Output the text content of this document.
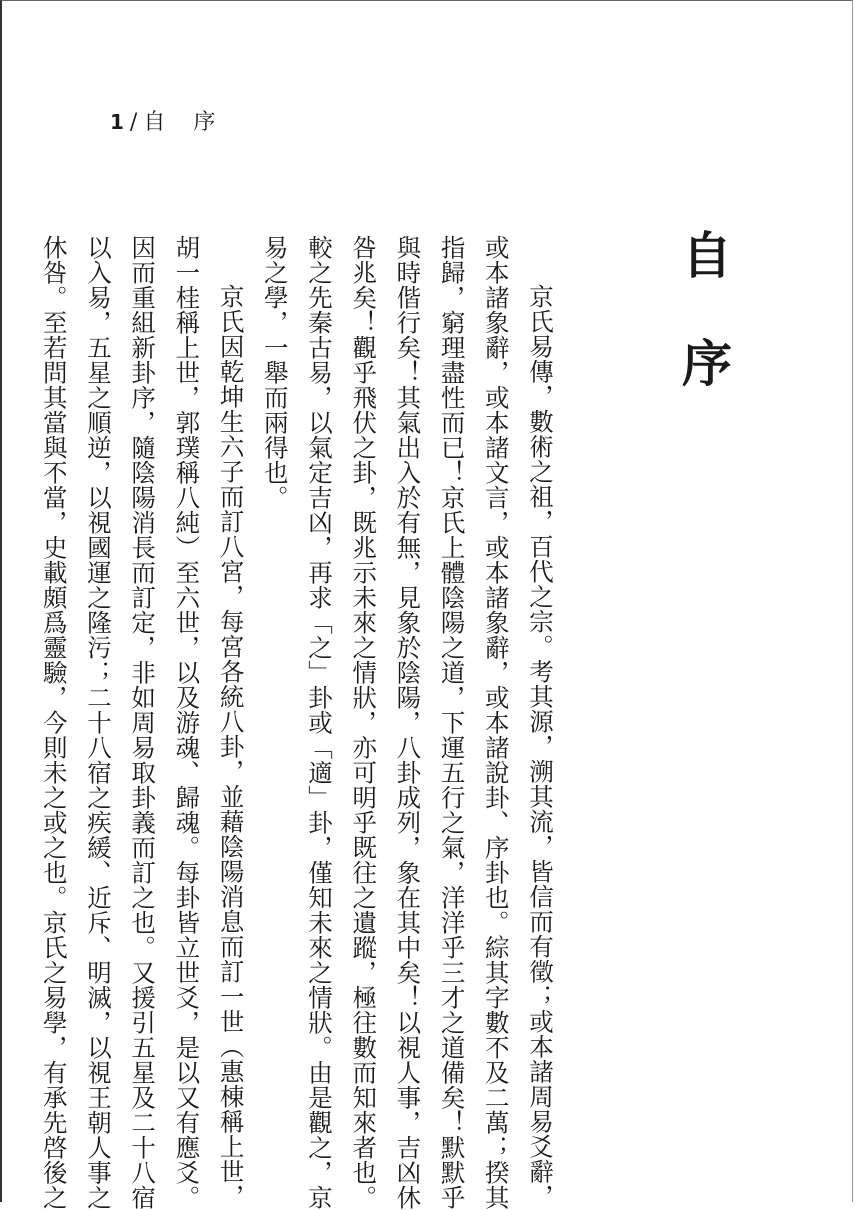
1 / 自 序
自序
京氏易傳，數術之祖，百代之宗。考其源，溯其流，皆信而有徵；或本諸周易爻辭，
或本諸象辭，或本諸文言，或本諸象辭，或本諸說卦、序卦也。綜其字數不及二萬；揆其
指歸，窮理盡性而已！京氏上體陰陽之道，下運五行之氣，洋洋乎三才之道備矣！默默乎
與時偕行矣！其氣出入於有無，見象於陰陽，八卦成列，象在其中矣！以視人事，吉凶休
咎兆矣！觀乎飛伏之卦，既兆示未來之情狀，亦可明乎既往之遺蹤，極往數而知來者也。
較之先秦古易，以氣定吉凶，再求「之」卦或「適」卦，僅知未來之情狀。由是觀之，京
易之學，一舉而兩得也。
京氏因乾坤生六子而訂八宮，每宮各統八卦，並藉陰陽消息而訂一世（惠棟稱上世，
胡一桂稱上世，郭璞稱八純）至六世，以及游魂、歸魂。每卦皆立世爻，是以又有應爻。
因而重組新卦序，隨陰陽消長而訂定，非如周易取卦義而訂之也。又援引五星及二十八宿
以入易，五星之順逆，以視國運之隆污；二十八宿之疾緩、近斥、明滅，以視王朝人事之
休咎。至若問其當與不當，史載頗爲靈驗，今則未之或之也。京氏之易學，有承先啓後之
